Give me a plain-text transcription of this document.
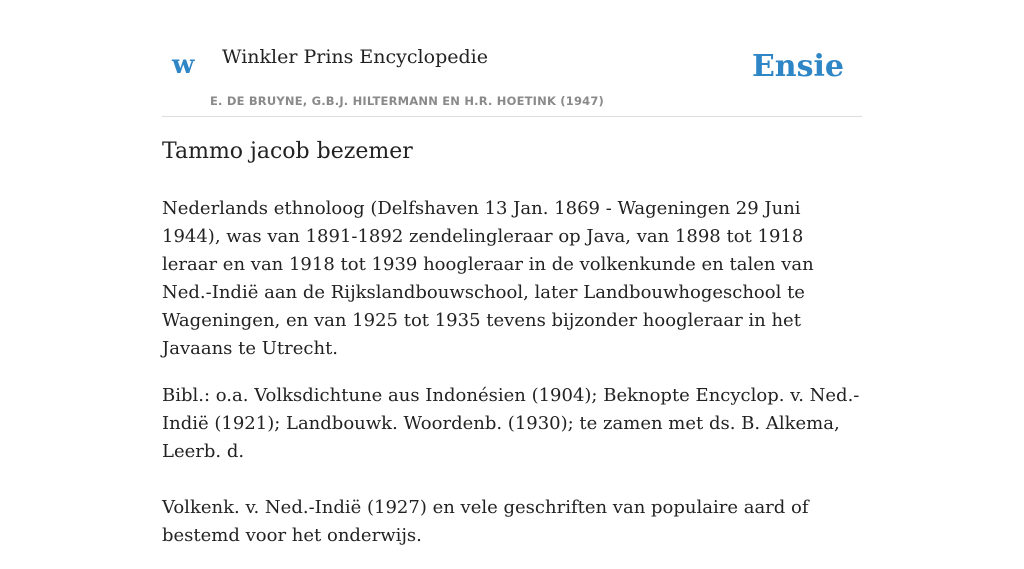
w Winkler Prins Encyclopedie
E. DE BRUYNE, G.B.J. HILTERMANN EN H.R. HOETINK (1947)
Ensie
Tammo jacob bezemer

Nederlands ethnoloog (Delfshaven 13 Jan. 1869 - Wageningen 29 Juni 1944), was van 1891-1892 zendelingleraar op Java, van 1898 tot 1918 leraar en van 1918 tot 1939 hoogleraar in de volkenkunde en talen van Ned.-Indië aan de Rijkslandbouwschool, later Landbouwhogeschool te Wageningen, en van 1925 tot 1935 tevens bijzonder hoogleraar in het Javaans te Utrecht.

Bibl.: o.a. Volksdichtune aus Indonésien (1904); Beknopte Encyclop. v. Ned.-Indië (1921); Landbouwk. Woordenb. (1930); te zamen met ds. B. Alkema, Leerb. d.

Volkenk. v. Ned.-Indië (1927) en vele geschriften van populaire aard of bestemd voor het onderwijs.
